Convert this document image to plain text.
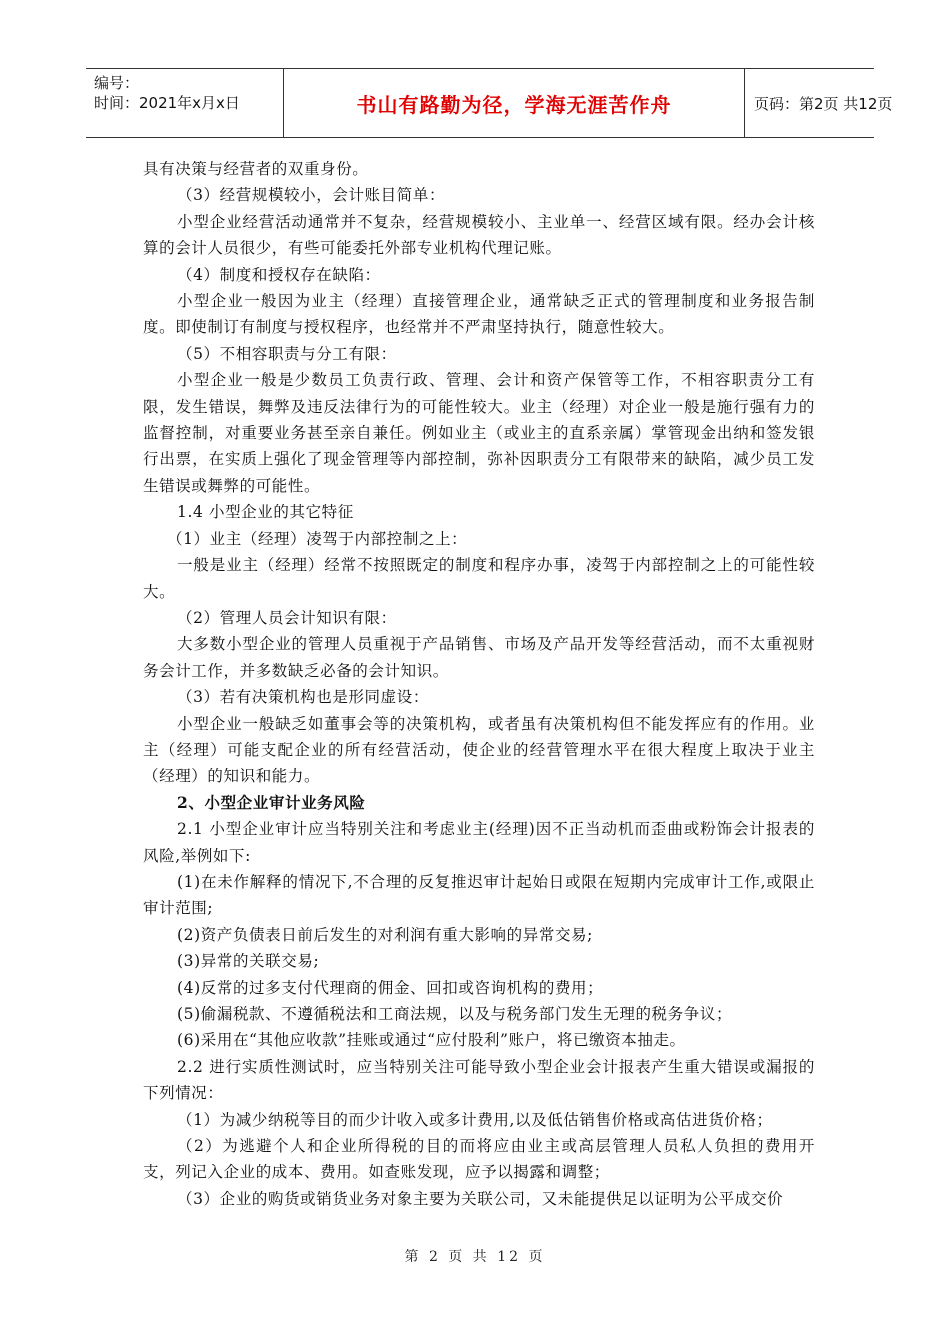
编号：
时间：2021年x月x日	书山有路勤为径，学海无涯苦作舟	页码：第2页 共12页

具有决策与经营者的双重身份。

（3）经营规模较小，会计账目简单：

小型企业经营活动通常并不复杂，经营规模较小、主业单一、经营区域有限。经办会计核算的会计人员很少，有些可能委托外部专业机构代理记账。

（4）制度和授权存在缺陷：

小型企业一般因为业主（经理）直接管理企业，通常缺乏正式的管理制度和业务报告制度。即使制订有制度与授权程序，也经常并不严肃坚持执行，随意性较大。

（5）不相容职责与分工有限：

小型企业一般是少数员工负责行政、管理、会计和资产保管等工作，不相容职责分工有限，发生错误，舞弊及违反法律行为的可能性较大。业主（经理）对企业一般是施行强有力的监督控制，对重要业务甚至亲自兼任。例如业主（或业主的直系亲属）掌管现金出纳和签发银行出票，在实质上强化了现金管理等内部控制，弥补因职责分工有限带来的缺陷，减少员工发生错误或舞弊的可能性。

1.4 小型企业的其它特征

（1）业主（经理）凌驾于内部控制之上：

一般是业主（经理）经常不按照既定的制度和程序办事，凌驾于内部控制之上的可能性较大。

（2）管理人员会计知识有限：

大多数小型企业的管理人员重视于产品销售、市场及产品开发等经营活动，而不太重视财务会计工作，并多数缺乏必备的会计知识。

（3）若有决策机构也是形同虚设：

小型企业一般缺乏如董事会等的决策机构，或者虽有决策机构但不能发挥应有的作用。业主（经理）可能支配企业的所有经营活动，使企业的经营管理水平在很大程度上取决于业主（经理）的知识和能力。

2、小型企业审计业务风险

2.1 小型企业审计应当特别关注和考虑业主(经理)因不正当动机而歪曲或粉饰会计报表的风险,举例如下:

(1)在未作解释的情况下,不合理的反复推迟审计起始日或限在短期内完成审计工作,或限止审计范围;

(2)资产负债表日前后发生的对利润有重大影响的异常交易;

(3)异常的关联交易;

(4)反常的过多支付代理商的佣金、回扣或咨询机构的费用；

(5)偷漏税款、不遵循税法和工商法规，以及与税务部门发生无理的税务争议；

(6)采用在“其他应收款”挂账或通过“应付股利”账户，将已缴资本抽走。

2.2 进行实质性测试时，应当特别关注可能导致小型企业会计报表产生重大错误或漏报的下列情况：

（1）为减少纳税等目的而少计收入或多计费用,以及低估销售价格或高估进货价格；

（2）为逃避个人和企业所得税的目的而将应由业主或高层管理人员私人负担的费用开支，列记入企业的成本、费用。如查账发现，应予以揭露和调整；

（3）企业的购货或销货业务对象主要为关联公司，又未能提供足以证明为公平成交价

第 2 页 共 12 页
